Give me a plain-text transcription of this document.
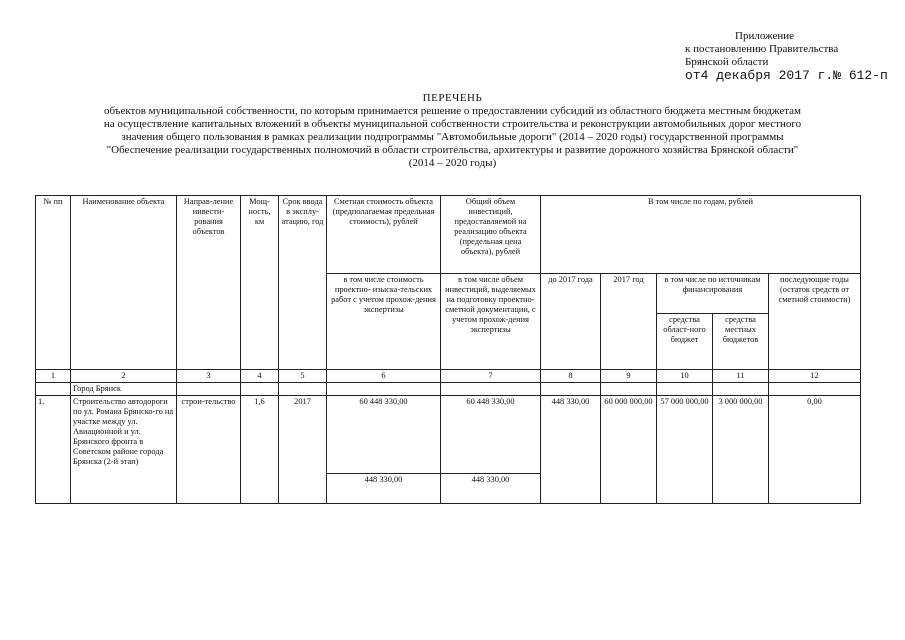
Приложение
к постановлению Правительства
Брянской области
от4 декабря 2017 г.№ 612-п
ПЕРЕЧЕНЬ
объектов муниципальной собственности, по которым принимается решение о предоставлении субсидий из областного бюджета местным бюджетам
на осуществление капитальных вложений в объекты муниципальной собственности строительства и реконструкции автомобильных дорог местного
значения общего пользования в рамках реализации подпрограммы "Автомобильные дороги" (2014 – 2020 годы) государственной программы
"Обеспечение реализации государственных полномочий в области строительства, архитектуры и развитие дорожного хозяйства Брянской области"
(2014 – 2020 годы)
№ пп	Наименование объекта	Направ-ление инвести-рования объектов	Мощ-ность, км	Срок ввода в эксплу-атацию, год	Сметная стоимость объекта (предполагаемая предельная стоимость), рублей	Общий объем инвестиций, предоставляемой на реализацию объекта (предельная цена объекта), рублей	В том числе по годам, рублей				
					в том числе стоимость проектно- изыска-тельских работ с учетом прохож-дения экспертизы	в том числе объем инвестиций, выделяемых на подготовку проектно-сметной документации, с учетом прохож-дения экспертизы	до 2017 года	2017 год	в том числе по источникам финансирования		последующие годы (остаток средств от сметной стоимости)
									средства област-ного бюджет	средства местных бюджетов	
1	2	3	4	5	6	7	8	9	10	11	12
	Город Брянск										
1.	Строительство автодороги по ул. Романа Брянско-го на участке между ул. Авиационной и ул. Брянского фронта в Советском районе города Брянска (2-й этап)	строи-тельство	1,6	2017	60 448 330,00	60 448 330,00	448 330,00	60 000 000,00	57 000 000,00	3 000 000,00	0,00
					448 330,00	448 330,00					
